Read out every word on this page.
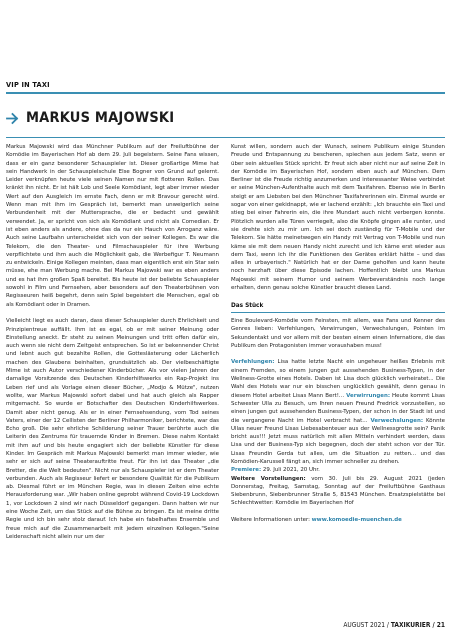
VIP IN TAXI
MARKUS MAJOWSKI

Markus Majowski wird das Münchner Publikum auf der Freiluftbühne der Komödie im Bayerischen Hof ab dem 29. Juli begeistern. Seine Fans wissen, dass er ein ganz besonderer Schauspieler ist. Dieser großartige Mime hat sein Handwerk in der Schauspielschule Else Bogner von Grund auf gelernt. Leider verknüpfen heute viele seinen Namen nur mit flotteren Rollen. Das kränkt ihn nicht. Er ist hält Lob und Seele Komödiant, legt aber immer wieder Wert auf den Ausgleich im ernste Fach, denn er mit Bravour gerecht wird. Wenn man mit ihm im Gespräch ist, bemerkt man unweigerlich seine Verbundenheit mit der Muttersprache, die er bedacht und gewählt verwendet. Ja, er spricht von sich als Komödiant und nicht als Comedian. Er ist eben anders als andere, ohne das da nur ein Hauch von Arroganz wäre. Auch seine Laufbahn unterscheidet sich von der seiner Kollegen. Es war die Telekom, die den Theater- und Filmschauspieler für ihre Werbung verpflichtete und ihm auch die Möglichkeit gab, die Werbefigur T. Neumann zu entwickeln. Einige Kollegen meinten, dass man eigentlich erst ein Star sein müsse, ehe man Werbung mache. Bei Markus Majowski war es eben anders und es hat ihm großen Spaß bereitet. Bis heute ist der beliebte Schauspieler sowohl in Film und Fernsehen, aber besonders auf den Theaterbühnen von Regisseuren heiß begehrt, denn sein Spiel begeistert die Menschen, egal ob als Komödiant oder in Dramen.

Vielleicht liegt es auch daran, dass dieser Schauspieler durch Ehrlichkeit und Prinzipientreue auffällt. Ihm ist es egal, ob er mit seiner Meinung oder Einstellung aneckt. Er steht zu seinen Meinungen und tritt offen dafür ein, auch wenn sie nicht dem Zeitgeist entsprechen. So ist er bekennender Christ und lebnt auch gut bezahlte Rollen, die Gotteslästerung oder Lächerlich machen des Glaubens beinhalten, grundsätzlich ab. Der vielbeschäftigte Mime ist auch Autor verschiedener Kinderbücher. Als vor vielen Jahren der damalige Vorsitzende des Deutschen Kinderhilfswerks ein Rap-Projekt ins Leben rief und als Vorlage einen dieser Bücher, „Modjo & Mütze", nutzen wollte, war Markus Majowski sofort dabei und hat auch gleich als Rapper mitgemacht. So wurde er Botschafter des Deutschen Kinderhilfswerkes. Damit aber nicht genug. Als er in einer Fernsehsendung, vom Tod seines Vaters, einer der 12 Cellisten der Berliner Philharmoniker, berichtete, war das Echo groß. Die sehr ehrliche Schilderung seiner Trauer berührte auch die Leiterin des Zentrums für trauernde Kinder in Bremen. Diese nahm Kontakt mit ihm auf und bis heute engagiert sich der beliebte Künstler für diese Kinder. Im Gespräch mit Markus Majowski bemerkt man immer wieder, wie sehr er sich auf seine Theaterauftritte freut. Für ihn ist das Theater „die Bretter, die die Welt bedeuten". Nicht nur als Schauspieler ist er dem Theater verbunden. Auch als Regisseur liefert er besondere Qualität für die Publikum ab. Diesmal führt er im München Regie, was in diesen Zeiten eine echte Herausforderung war. „Wir haben online geprobt während Covid-19 Lockdown 1, vor Lockdown 2 sind wir nach Düsseldorf gegangen. Dann hatten wir nur eine Woche Zeit, um das Stück auf die Bühne zu bringen. Es ist meine dritte Regie und ich bin sehr stolz darauf. Ich habe ein fabelhaftes Ensemble und freue mich auf die Zusammenarbeit mit jedem einzelnen Kollegen."Seine Leidenschaft nicht allein nur um der

Kunst willen, sondern auch der Wunsch, seinem Publikum einige Stunden Freude und Entspannung zu bescheren, spiechen aus jedem Satz, wenn er über sein aktuelles Stück spricht. Er freut sich aber nicht nur auf seine Zeit in der Komödie im Bayerischen Hof, sondern eben auch auf München. Dem Berliner ist die Freude richtig anzumerken und interessanter Weise verbindet er seine München-Aufenthalte auch mit dem Taxifahren. Ebenso wie in Berlin steigt er am Liebsten bei den Münchner Taxifahrerinnen ein. Einmal wurde er sogar von einer gekidnappt, wie er lachend erzählt: „Ich brauchte ein Taxi und stieg bei einer Fahrerin ein, die ihre Mundart auch nicht verbergen konnte. Plötzlich wurden alle Türen verriegelt, also die Knöpfe gingen alle runter, und sie drehte sich zu mir um. Ich sei doch zuständig für T-Mobile und der Telekom. Sie hätte meinetwegen ein Handy mit Vertrag von T-Mobile und nun käme sie mit dem neuen Handy nicht zurecht und ich käme erst wieder aus dem Taxi, wenn ich ihr die Funktionen des Gerätes erklärt hätte – und das alles in urbayerisch." Natürlich hat er der Dame geholfen und kann heute noch herzhaft über diese Episode lachen. Hoffentlich bleibt uns Markus Majowski mit seinem Humor und seinem Werbeverständnis noch lange erhalten, denn genau solche Künstler braucht dieses Land.

Das Stück

Eine Boulevard-Komödie vom Feinsten, mit allem, was Fans und Kenner des Genres lieben: Verfehlungen, Verwirrungen, Verwechslungen, Pointen im Sekundentakt und vor allem mit der besten einem einen Infernatiore, die das Publikum den Protagonisten immer voraushaben muss!

Verfehlungen: Lisa hatte letzte Nacht ein ungeheuer heißes Erlebnis mit einem Fremden, so einem jungen gut aussehenden Business-Typen, in der Wellness-Grotte eines Hotels. Daben ist Lisa doch glücklich verheiratet... Die Wahl des Hotels war nur ein bisschen unglücklich gewählt, denn genau in diesem Hotel arbeitet Lisas Mann Bert!... Verwirrungen: Heute kommt Lisas Schwester Ulla zu Besuch, um Ihren neuen Freund Fredrick vorzustellen, so einen jungen gut aussehenden Business-Typen, der schon in der Stadt ist und die vergangene Nacht im Hotel verbracht hat... Verwechslungen: Könnte Ullas neuer Freund Lisas Liebesabenteuer aus der Wellnessgrotte sein? Panik bricht aus!!! Jetzt muss natürlich mit allen Mitteln verhindert werden, dass Lisa und der Business-Typ sich begegnen, doch der steht schon vor der Tür. Lisas Freundin Gerda tut alles, um die Situation zu retten... und das Komödien-Karussell fängt an, sich immer schneller zu drehen.

Premiere: 29. Juli 2021, 20 Uhr.

Weitere Vorstellungen: vom 30. Juli bis 29. August 2021 (jeden Donnerstag, Freitag, Samstag, Sonntag auf der Freiluftbühne Gasthaus Siebenbrunn, Siebenbrunner Straße 5, 81543 München. Ersatzspielstätte bei Schlechtwetter: Komödie im Bayerischen Hof

Weitere Informationen unter: www.komoedie-muenchen.de

AUGUST 2021 / TAXIKURIER / 21
